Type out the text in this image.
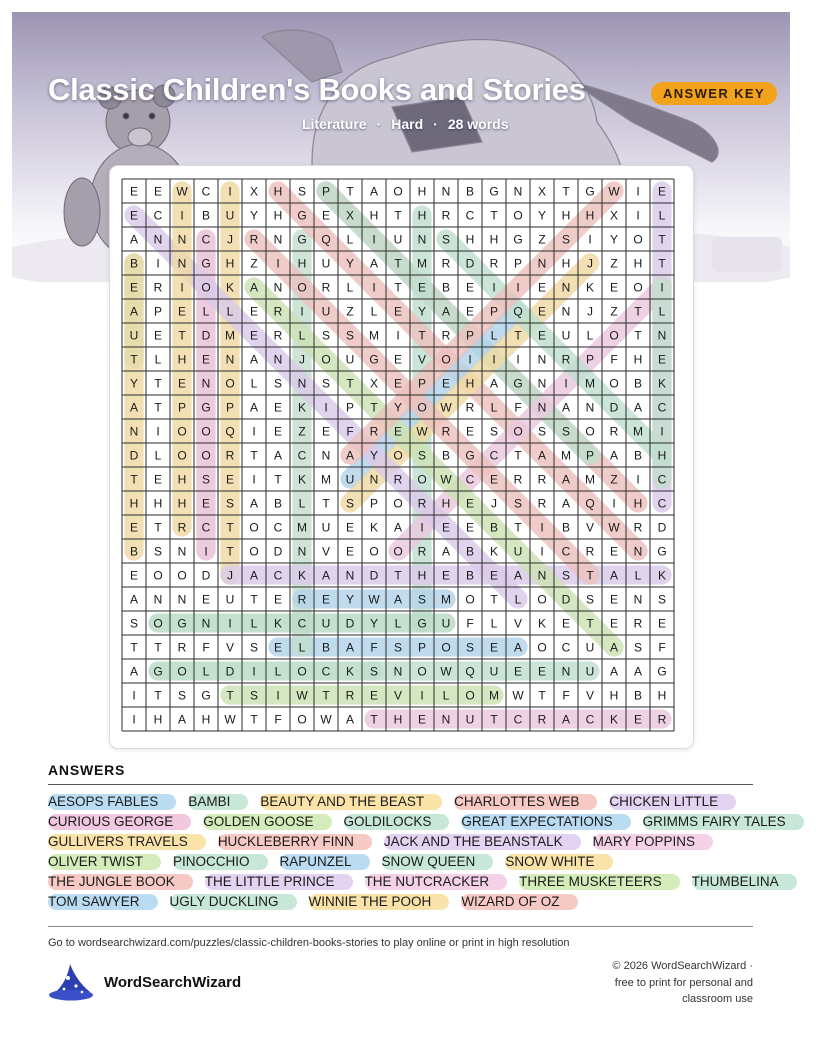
Classic Children's Books and Stories	ANSWER KEY
Literature · Hard · 28 words
E E W C I X H S P T A O H N B G N X T G W I E
E C I B U Y H G E X H T H R C T O Y H H X I L
A N N C J R N G Q L I U N S H H G Z S I Y O T
B I N G H Z I H U Y A T M R D R P N H J Z H T
E R I O K A N O R L I T E B E I I E N K E O I
A P E L L E R I U Z L E Y A E P Q E N J Z T L
U E T D M E R L S S M I T R P L T E U L O T N
T L H E N A N J O U G E V O I I I N R P F H E
Y T E N O L S N S T X E P E H A G N I M O B K
A T P G P A E K I P T Y O W R L F N A N D A C
N I O O Q I E Z E F R E W R E S O S S O R M I
D L O O R T A C N A Y O S B G C T A M P A B H
T E H S E I T K M U N R O W C E R R A M Z I C
H H H E S A B L T S P O R H E J S R A Q I H C
E T R C T O C M U E K A I E E B T I B V W R D
B S N I T O D N V E O O R A B K U I C R E N G
E O O D J A C K A N D T H E B E A N S T A L K
A N N E U T E R E Y W A S M O T L O D S E N S
S O G N I L K C U D Y L G U F L V K E T E R E
T T R F V S E L B A F S P O S E A O C U A S F
A G O L D I L O C K S N O W Q U E E N U A A G
I T S G T S I W T R E V I L O M W T F V H B H
I H A H W T F O W A T H E N U T C R A C K E R
ANSWERS
AESOPS FABLES	BAMBI	BEAUTY AND THE BEAST	CHARLOTTES WEB	CHICKEN LITTLE
CURIOUS GEORGE	GOLDEN GOOSE	GOLDILOCKS	GREAT EXPECTATIONS	GRIMMS FAIRY TALES
GULLIVERS TRAVELS	HUCKLEBERRY FINN	JACK AND THE BEANSTALK	MARY POPPINS
OLIVER TWIST	PINOCCHIO	RAPUNZEL	SNOW QUEEN	SNOW WHITE
THE JUNGLE BOOK	THE LITTLE PRINCE	THE NUTCRACKER	THREE MUSKETEERS	THUMBELINA
TOM SAWYER	UGLY DUCKLING	WINNIE THE POOH	WIZARD OF OZ
Go to wordsearchwizard.com/puzzles/classic-children-books-stories to play online or print in high resolution
WordSearchWizard
© 2026 WordSearchWizard ·
free to print for personal and
classroom use
